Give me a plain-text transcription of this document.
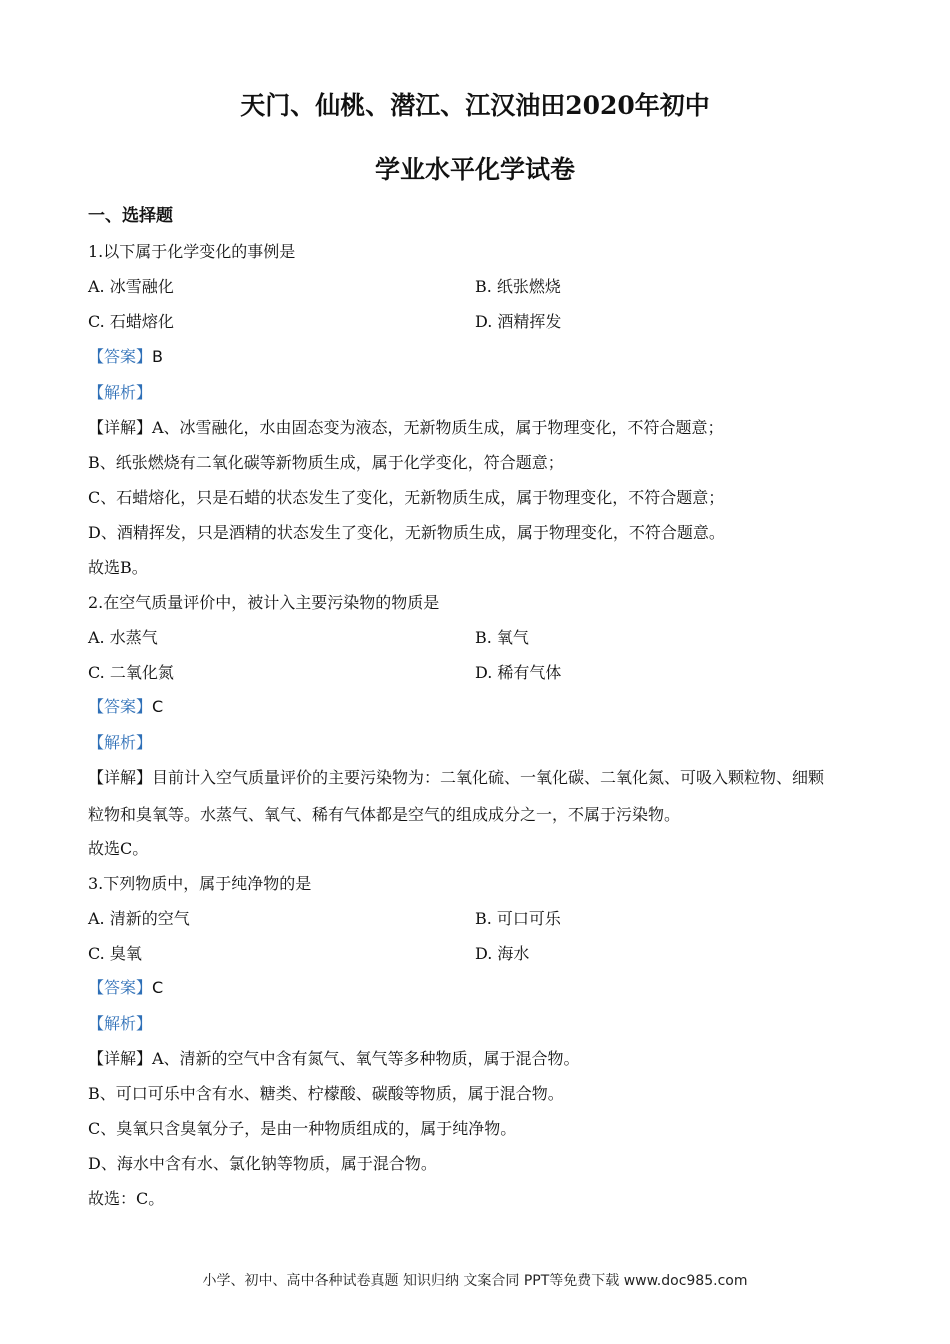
天门、仙桃、潜江、江汉油田2020年初中
学业水平化学试卷
一、选择题
1.以下属于化学变化的事例是
A. 冰雪融化	B. 纸张燃烧
C. 石蜡熔化	D. 酒精挥发
【答案】B
【解析】
【详解】A、冰雪融化，水由固态变为液态，无新物质生成，属于物理变化，不符合题意；
B、纸张燃烧有二氧化碳等新物质生成，属于化学变化，符合题意；
C、石蜡熔化，只是石蜡的状态发生了变化，无新物质生成，属于物理变化，不符合题意；
D、酒精挥发，只是酒精的状态发生了变化，无新物质生成，属于物理变化，不符合题意。
故选B。
2.在空气质量评价中，被计入主要污染物的物质是
A. 水蒸气	B. 氧气
C. 二氧化氮	D. 稀有气体
【答案】C
【解析】
【详解】目前计入空气质量评价的主要污染物为：二氧化硫、一氧化碳、二氧化氮、可吸入颗粒物、细颗
粒物和臭氧等。水蒸气、氧气、稀有气体都是空气的组成成分之一，不属于污染物。
故选C。
3.下列物质中，属于纯净物的是
A. 清新的空气	B. 可口可乐
C. 臭氧	D. 海水
【答案】C
【解析】
【详解】A、清新的空气中含有氮气、氧气等多种物质，属于混合物。
B、可口可乐中含有水、糖类、柠檬酸、碳酸等物质，属于混合物。
C、臭氧只含臭氧分子，是由一种物质组成的，属于纯净物。
D、海水中含有水、氯化钠等物质，属于混合物。
故选：C。
小学、初中、高中各种试卷真题 知识归纳 文案合同 PPT等免费下载 www.doc985.com
